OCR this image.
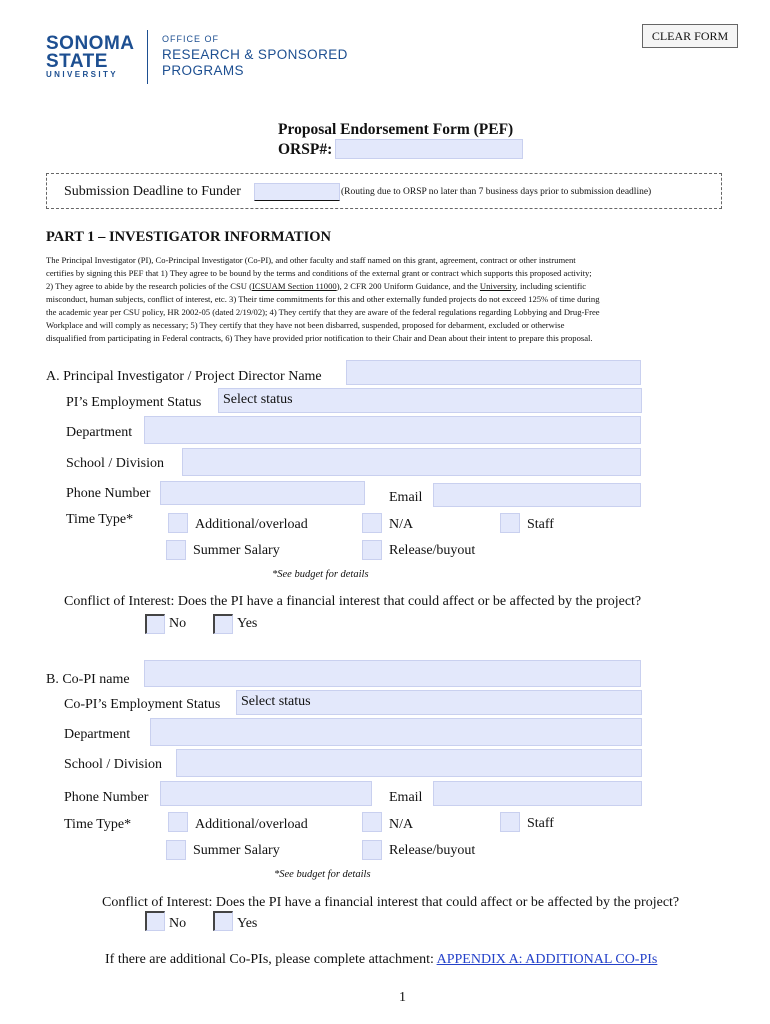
SONOMA
STATE
UNIVERSITY
OFFICE OF
RESEARCH & SPONSORED
PROGRAMS
CLEAR FORM
Proposal Endorsement Form (PEF)
ORSP#:
Submission Deadline to Funder	(Routing due to ORSP no later than 7 business days prior to submission deadline)
PART 1 – INVESTIGATOR INFORMATION
The Principal Investigator (PI), Co-Principal Investigator (Co-PI), and other faculty and staff named on this grant, agreement, contract or other instrument
certifies by signing this PEF that 1) They agree to be bound by the terms and conditions of the external grant or contract which supports this proposed activity;
2) They agree to abide by the research policies of the CSU (ICSUAM Section 11000), 2 CFR 200 Uniform Guidance, and the University, including scientific
misconduct, human subjects, conflict of interest, etc. 3) Their time commitments for this and other externally funded projects do not exceed 125% of time during
the academic year per CSU policy, HR 2002-05 (dated 2/19/02); 4) They certify that they are aware of the federal regulations regarding Lobbying and Drug-Free
Workplace and will comply as necessary; 5) They certify that they have not been disbarred, suspended, proposed for debarment, excluded or otherwise
disqualified from participating in Federal contracts, 6) They have provided prior notification to their Chair and Dean about their intent to prepare this proposal.
A. Principal Investigator / Project Director Name
PI’s Employment Status	Select status
Department
School / Division
Phone Number	Email
Time Type*	Additional/overload	N/A	Staff
Summer Salary	Release/buyout
*See budget for details
Conflict of Interest: Does the PI have a financial interest that could affect or be affected by the project?
No	Yes
B. Co-PI name
Co-PI’s Employment Status	Select status
Department
School / Division
Phone Number	Email
Time Type*	Additional/overload	N/A	Staff
Summer Salary	Release/buyout
*See budget for details
Conflict of Interest: Does the PI have a financial interest that could affect or be affected by the project?
No	Yes
If there are additional Co-PIs, please complete attachment: APPENDIX A: ADDITIONAL CO-PIs
1
